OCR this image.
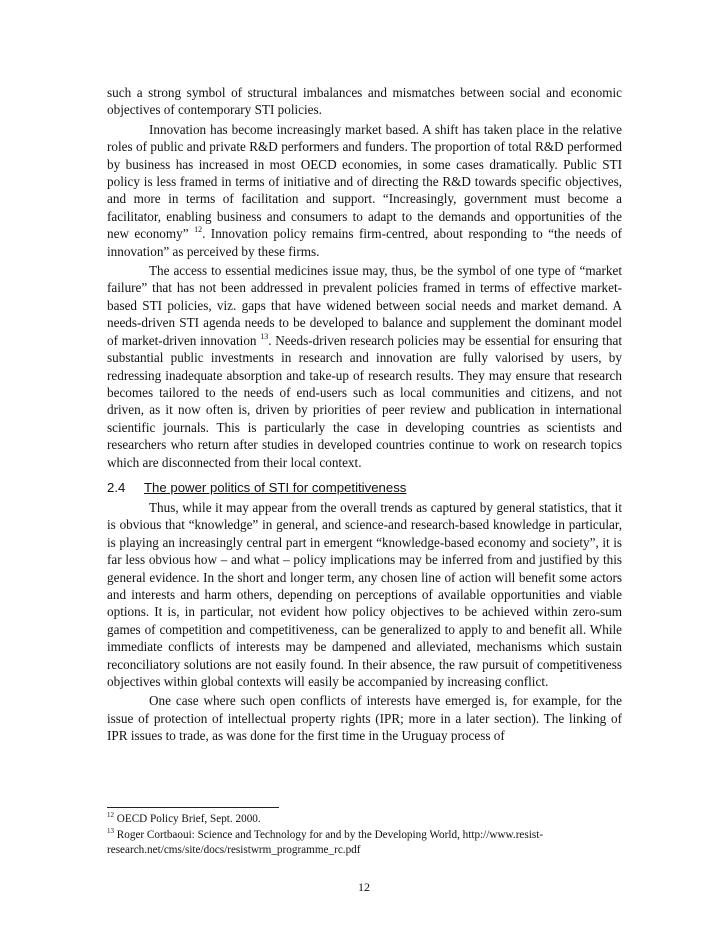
such a strong symbol of structural imbalances and mismatches between social and economic objectives of contemporary STI policies.

Innovation has become increasingly market based. A shift has taken place in the relative roles of public and private R&D performers and funders. The proportion of total R&D performed by business has increased in most OECD economies, in some cases dramatically. Public STI policy is less framed in terms of initiative and of directing the R&D towards specific objectives, and more in terms of facilitation and support. “Increasingly, government must become a facilitator, enabling business and consumers to adapt to the demands and opportunities of the new economy” $^{12}$. Innovation policy remains firm-centred, about responding to “the needs of innovation” as perceived by these firms.

The access to essential medicines issue may, thus, be the symbol of one type of “market failure” that has not been addressed in prevalent policies framed in terms of effective market-based STI policies, viz. gaps that have widened between social needs and market demand. A needs-driven STI agenda needs to be developed to balance and supplement the dominant model of market-driven innovation $^{13}$. Needs-driven research policies may be essential for ensuring that substantial public investments in research and innovation are fully valorised by users, by redressing inadequate absorption and take-up of research results. They may ensure that research becomes tailored to the needs of end-users such as local communities and citizens, and not driven, as it now often is, driven by priorities of peer review and publication in international scientific journals. This is particularly the case in developing countries as scientists and researchers who return after studies in developed countries continue to work on research topics which are disconnected from their local context.

2.4 The power politics of STI for competitiveness

Thus, while it may appear from the overall trends as captured by general statistics, that it is obvious that “knowledge” in general, and science-and research-based knowledge in particular, is playing an increasingly central part in emergent “knowledge-based economy and society”, it is far less obvious how – and what – policy implications may be inferred from and justified by this general evidence. In the short and longer term, any chosen line of action will benefit some actors and interests and harm others, depending on perceptions of available opportunities and viable options. It is, in particular, not evident how policy objectives to be achieved within zero-sum games of competition and competitiveness, can be generalized to apply to and benefit all. While immediate conflicts of interests may be dampened and alleviated, mechanisms which sustain reconciliatory solutions are not easily found. In their absence, the raw pursuit of competitiveness objectives within global contexts will easily be accompanied by increasing conflict.

One case where such open conflicts of interests have emerged is, for example, for the issue of protection of intellectual property rights (IPR; more in a later section). The linking of IPR issues to trade, as was done for the first time in the Uruguay process of

$^{12}$ OECD Policy Brief, Sept. 2000.

$^{13}$ Roger Cortbaoui: Science and Technology for and by the Developing World, http://www.resist-research.net/cms/site/docs/resistwrm_programme_rc.pdf

12
